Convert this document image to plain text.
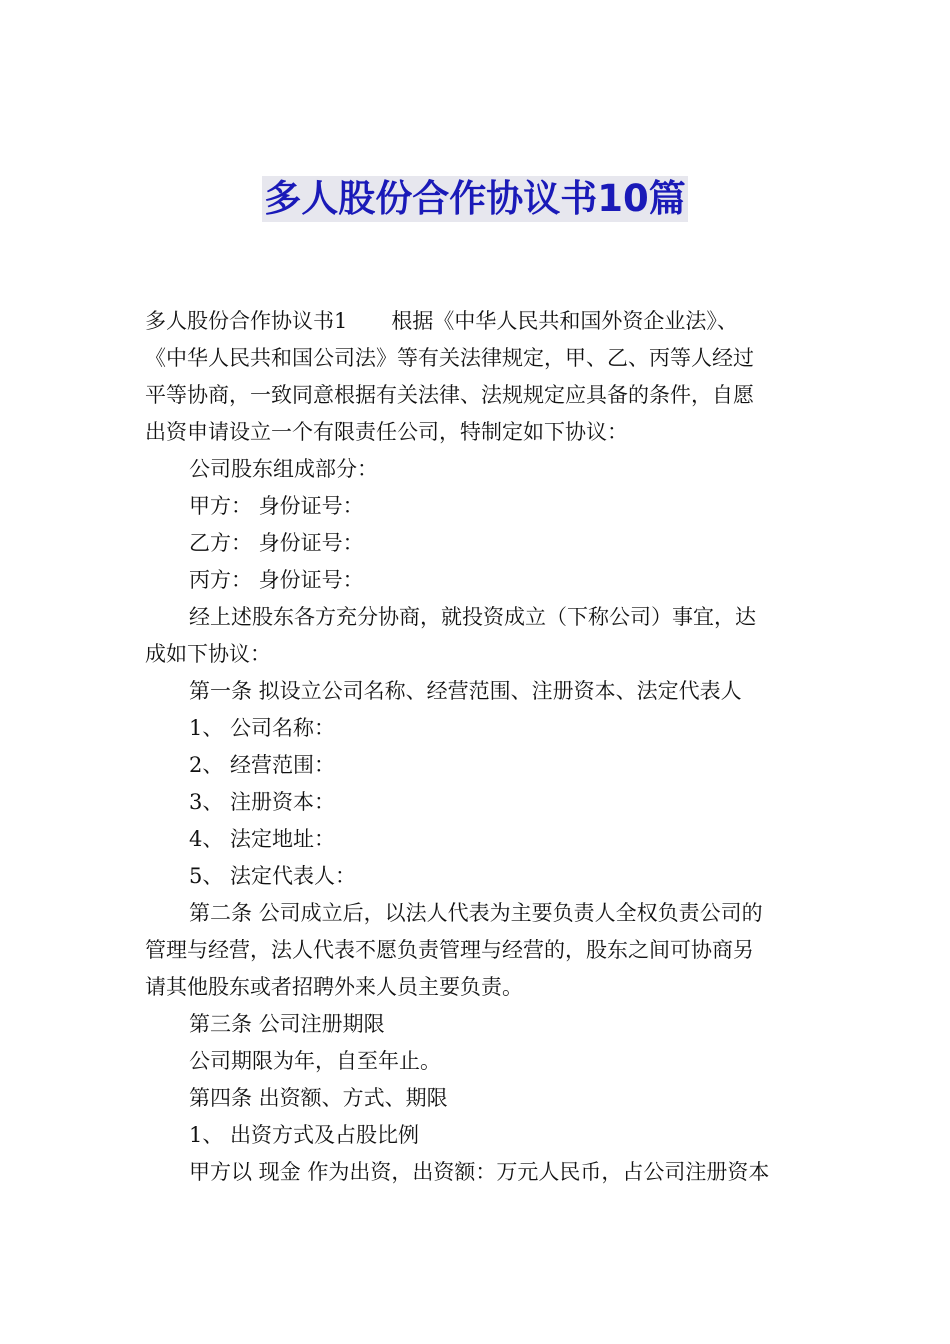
多人股份合作协议书10篇

多人股份合作协议书1 根据《中华人民共和国外资企业法》、

《中华人民共和国公司法》等有关法律规定，甲、乙、丙等人经过

平等协商，一致同意根据有关法律、法规规定应具备的条件，自愿

出资申请设立一个有限责任公司，特制定如下协议：

公司股东组成部分：

甲方： 身份证号：

乙方： 身份证号：

丙方： 身份证号：

经上述股东各方充分协商，就投资成立（下称公司）事宜，达

成如下协议：

第一条 拟设立公司名称、经营范围、注册资本、法定代表人

1、 公司名称：

2、 经营范围：

3、 注册资本：

4、 法定地址：

5、 法定代表人：

第二条 公司成立后，以法人代表为主要负责人全权负责公司的

管理与经营，法人代表不愿负责管理与经营的，股东之间可协商另

请其他股东或者招聘外来人员主要负责。

第三条 公司注册期限

公司期限为年，自至年止。

第四条 出资额、方式、期限

1、 出资方式及占股比例

甲方以 现金 作为出资，出资额：万元人民币，占公司注册资本
